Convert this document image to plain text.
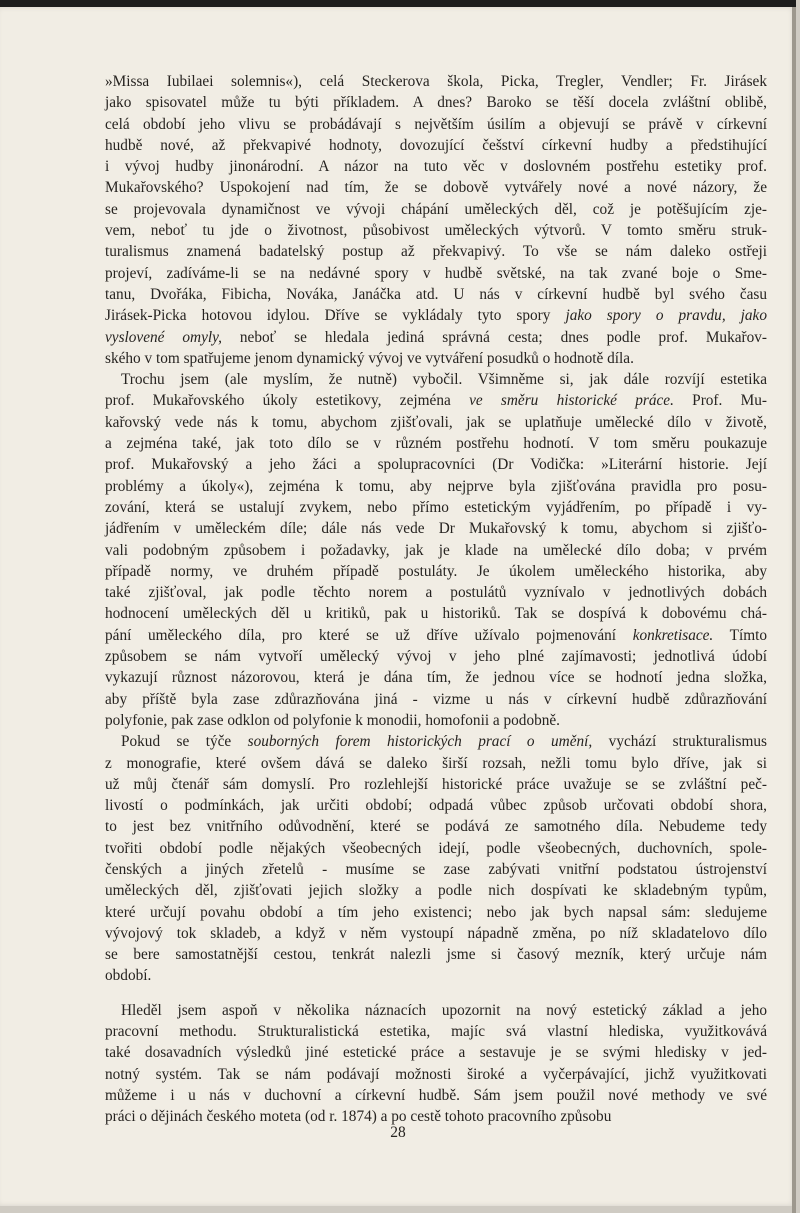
»Missa Iubilaei solemnis«), celá Steckerova škola, Picka, Tregler, Vendler; Fr. Jirásek
jako spisovatel může tu býti příkladem. A dnes? Baroko se těší docela zvláštní oblibě,
celá období jeho vlivu se probádávají s největším úsilím a objevují se právě v církevní
hudbě nové, až překvapivé hodnoty, dovozující češství církevní hudby a předstihující
i vývoj hudby jinonárodní. A názor na tuto věc v doslovném postřehu estetiky prof.
Mukařovského? Uspokojení nad tím, že se dobově vytvářely nové a nové názory, že
se projevovala dynamičnost ve vývoji chápání uměleckých děl, což je potěšujícím zje-
vem, neboť tu jde o životnost, působivost uměleckých výtvorů. V tomto směru struk-
turalismus znamená badatelský postup až překvapivý. To vše se nám daleko ostřeji
projeví, zadíváme-li se na nedávné spory v hudbě světské, na tak zvané boje o Sme-
tanu, Dvořáka, Fibicha, Nováka, Janáčka atd. U nás v církevní hudbě byl svého času
Jirásek-Picka hotovou idylou. Dříve se vykládaly tyto spory jako spory o pravdu, jako
vyslovené omyly, neboť se hledala jediná správná cesta; dnes podle prof. Mukařov-
ského v tom spatřujeme jenom dynamický vývoj ve vytváření posudků o hodnotě díla.
Trochu jsem (ale myslím, že nutně) vybočil. Všimněme si, jak dále rozvíjí estetika
prof. Mukařovského úkoly estetikovy, zejména ve směru historické práce. Prof. Mu-
kařovský vede nás k tomu, abychom zjišťovali, jak se uplatňuje umělecké dílo v životě,
a zejména také, jak toto dílo se v různém postřehu hodnotí. V tom směru poukazuje
prof. Mukařovský a jeho žáci a spolupracovníci (Dr Vodička: »Literární historie. Její
problémy a úkoly«), zejména k tomu, aby nejprve byla zjišťována pravidla pro posu-
zování, která se ustalují zvykem, nebo přímo estetickým vyjádřením, po případě i vy-
jádřením v uměleckém díle; dále nás vede Dr Mukařovský k tomu, abychom si zjišťo-
vali podobným způsobem i požadavky, jak je klade na umělecké dílo doba; v prvém
případě normy, ve druhém případě postuláty. Je úkolem uměleckého historika, aby
také zjišťoval, jak podle těchto norem a postulátů vyznívalo v jednotlivých dobách
hodnocení uměleckých děl u kritiků, pak u historiků. Tak se dospívá k dobovému chá-
pání uměleckého díla, pro které se už dříve užívalo pojmenování konkretisace. Tímto
způsobem se nám vytvoří umělecký vývoj v jeho plné zajímavosti; jednotlivá údobí
vykazují různost názorovou, která je dána tím, že jednou více se hodnotí jedna složka,
aby příště byla zase zdůrazňována jiná - vizme u nás v církevní hudbě zdůrazňování
polyfonie, pak zase odklon od polyfonie k monodii, homofonii a podobně.
Pokud se týče souborných forem historických prací o umění, vychází strukturalismus
z monografie, které ovšem dává se daleko širší rozsah, nežli tomu bylo dříve, jak si
už můj čtenář sám domyslí. Pro rozlehlejší historické práce uvažuje se se zvláštní peč-
livostí o podmínkách, jak určiti období; odpadá vůbec způsob určovati období shora,
to jest bez vnitřního odůvodnění, které se podává ze samotného díla. Nebudeme tedy
tvořiti období podle nějakých všeobecných idejí, podle všeobecných, duchovních, spole-
čenských a jiných zřetelů - musíme se zase zabývati vnitřní podstatou ústrojenství
uměleckých děl, zjišťovati jejich složky a podle nich dospívati ke skladebným typům,
které určují povahu období a tím jeho existenci; nebo jak bych napsal sám: sledujeme
vývojový tok skladeb, a když v něm vystoupí nápadně změna, po níž skladatelovo dílo
se bere samostatnější cestou, tenkrát nalezli jsme si časový mezník, který určuje nám
období.
Hleděl jsem aspoň v několika náznacích upozornit na nový estetický základ a jeho
pracovní methodu. Strukturalistická estetika, majíc svá vlastní hlediska, využitkovává
také dosavadních výsledků jiné estetické práce a sestavuje je se svými hledisky v jed-
notný systém. Tak se nám podávají možnosti široké a vyčerpávající, jichž využitkovati
můžeme i u nás v duchovní a církevní hudbě. Sám jsem použil nové methody ve své
práci o dějinách českého moteta (od r. 1874) a po cestě tohoto pracovního způsobu
28
